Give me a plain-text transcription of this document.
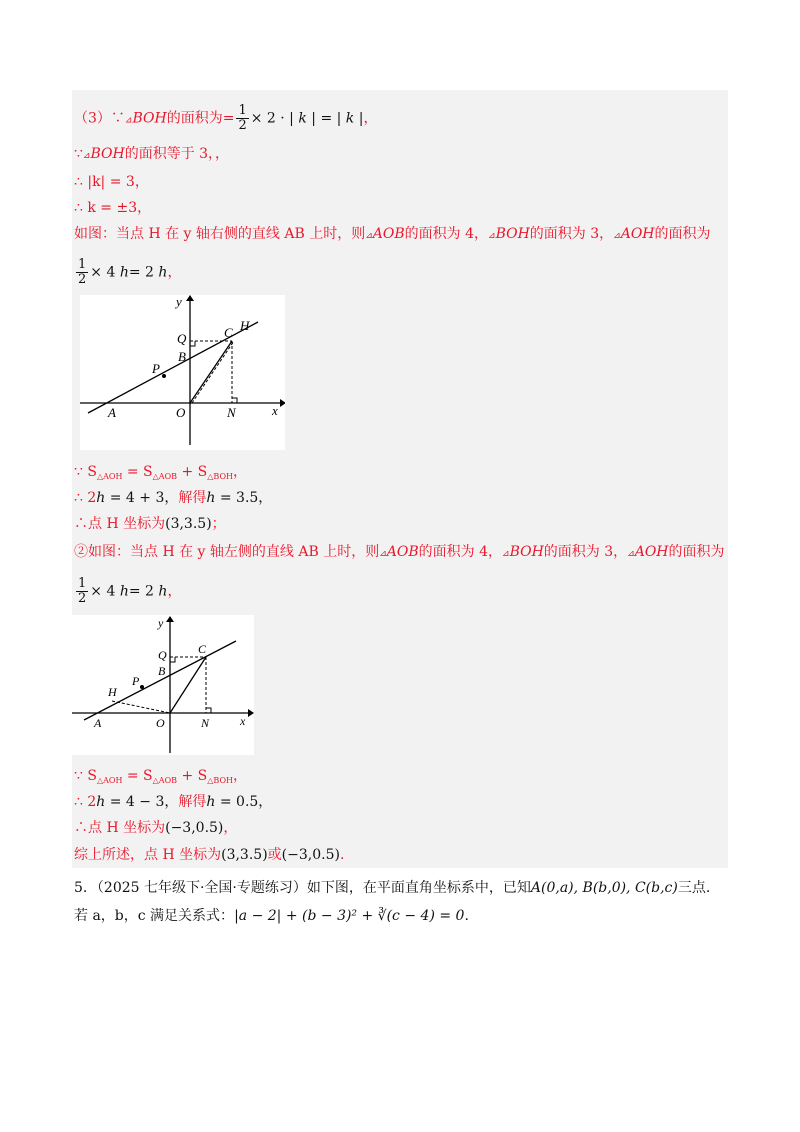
（3）∵⊿BOH的面积为= $\frac{1}{2} \times 2$ · | k | = | k |，
∵⊿BOH的面积等于 3，，
∴ |k| = 3，
∴ k = ±3，
如图：当点 H 在 y 轴右侧的直线 AB 上时，则⊿AOB的面积为 4，⊿BOH的面积为 3，⊿AOH的面积为
$\frac{1}{2} \times 4$ h= 2 h，
y
x
Q	C H
B
P
A	O	N
∵ $S_{\triangle AOH} = S_{\triangle AOB} + S_{\triangle BOH}$，
∴ 2h = 4 + 3，解得h = 3.5，
∴点 H 坐标为(3,3.5)；
②如图：当点 H 在 y 轴左侧的直线 AB 上时，则⊿AOB的面积为 4，⊿BOH的面积为 3，⊿AOH的面积为
$\frac{1}{2} \times 4$ h= 2 h，
y
x
Q	C
H
B
P
A	O	N
∵ $S_{\triangle AOH} = S_{\triangle AOB} + S_{\triangle BOH}$，
∴ 2h = 4 − 3，解得h = 0.5，
∴点 H 坐标为(−3,0.5)，
综上所述，点 H 坐标为(3,3.5)或(−3,0.5).
5．（2025 七年级下·全国·专题练习）如下图，在平面直角坐标系中，已知A(0,a), B(b,0), C(b,c)三点.
若 a，b，c 满足关系式：|a − 2| + (b − 3)² + ∛(c − 4) = 0.
